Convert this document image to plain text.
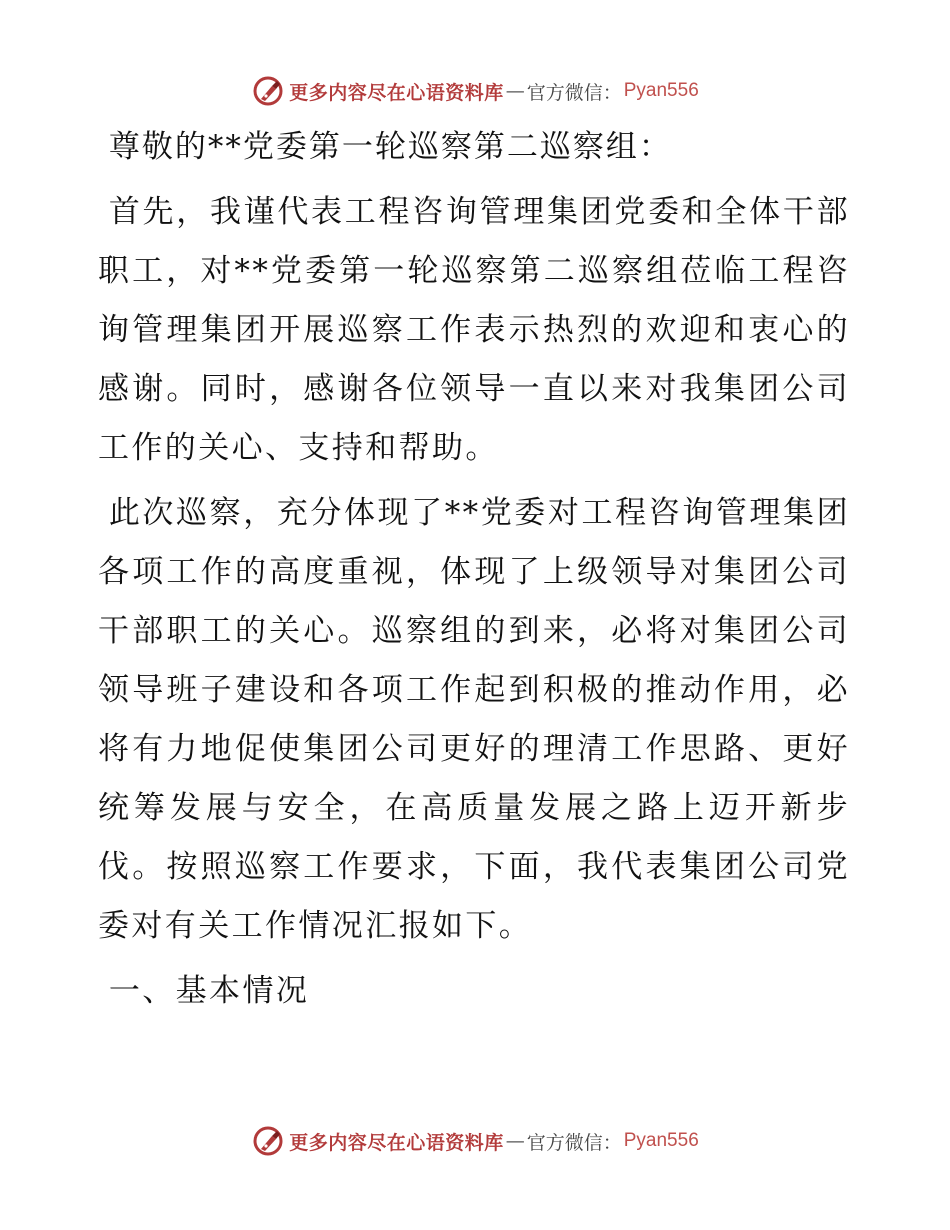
更多内容尽在心语资料库 — 官方微信： Pyan556

尊敬的**党委第一轮巡察第二巡察组：

首先，我谨代表工程咨询管理集团党委和全体干部职工，对**党委第一轮巡察第二巡察组莅临工程咨询管理集团开展巡察工作表示热烈的欢迎和衷心的感谢。同时，感谢各位领导一直以来对我集团公司工作的关心、支持和帮助。

此次巡察，充分体现了**党委对工程咨询管理集团各项工作的高度重视，体现了上级领导对集团公司干部职工的关心。巡察组的到来，必将对集团公司领导班子建设和各项工作起到积极的推动作用，必将有力地促使集团公司更好的理清工作思路、更好统筹发展与安全，在高质量发展之路上迈开新步伐。按照巡察工作要求，下面，我代表集团公司党委对有关工作情况汇报如下。

一、基本情况

更多内容尽在心语资料库 — 官方微信： Pyan556
